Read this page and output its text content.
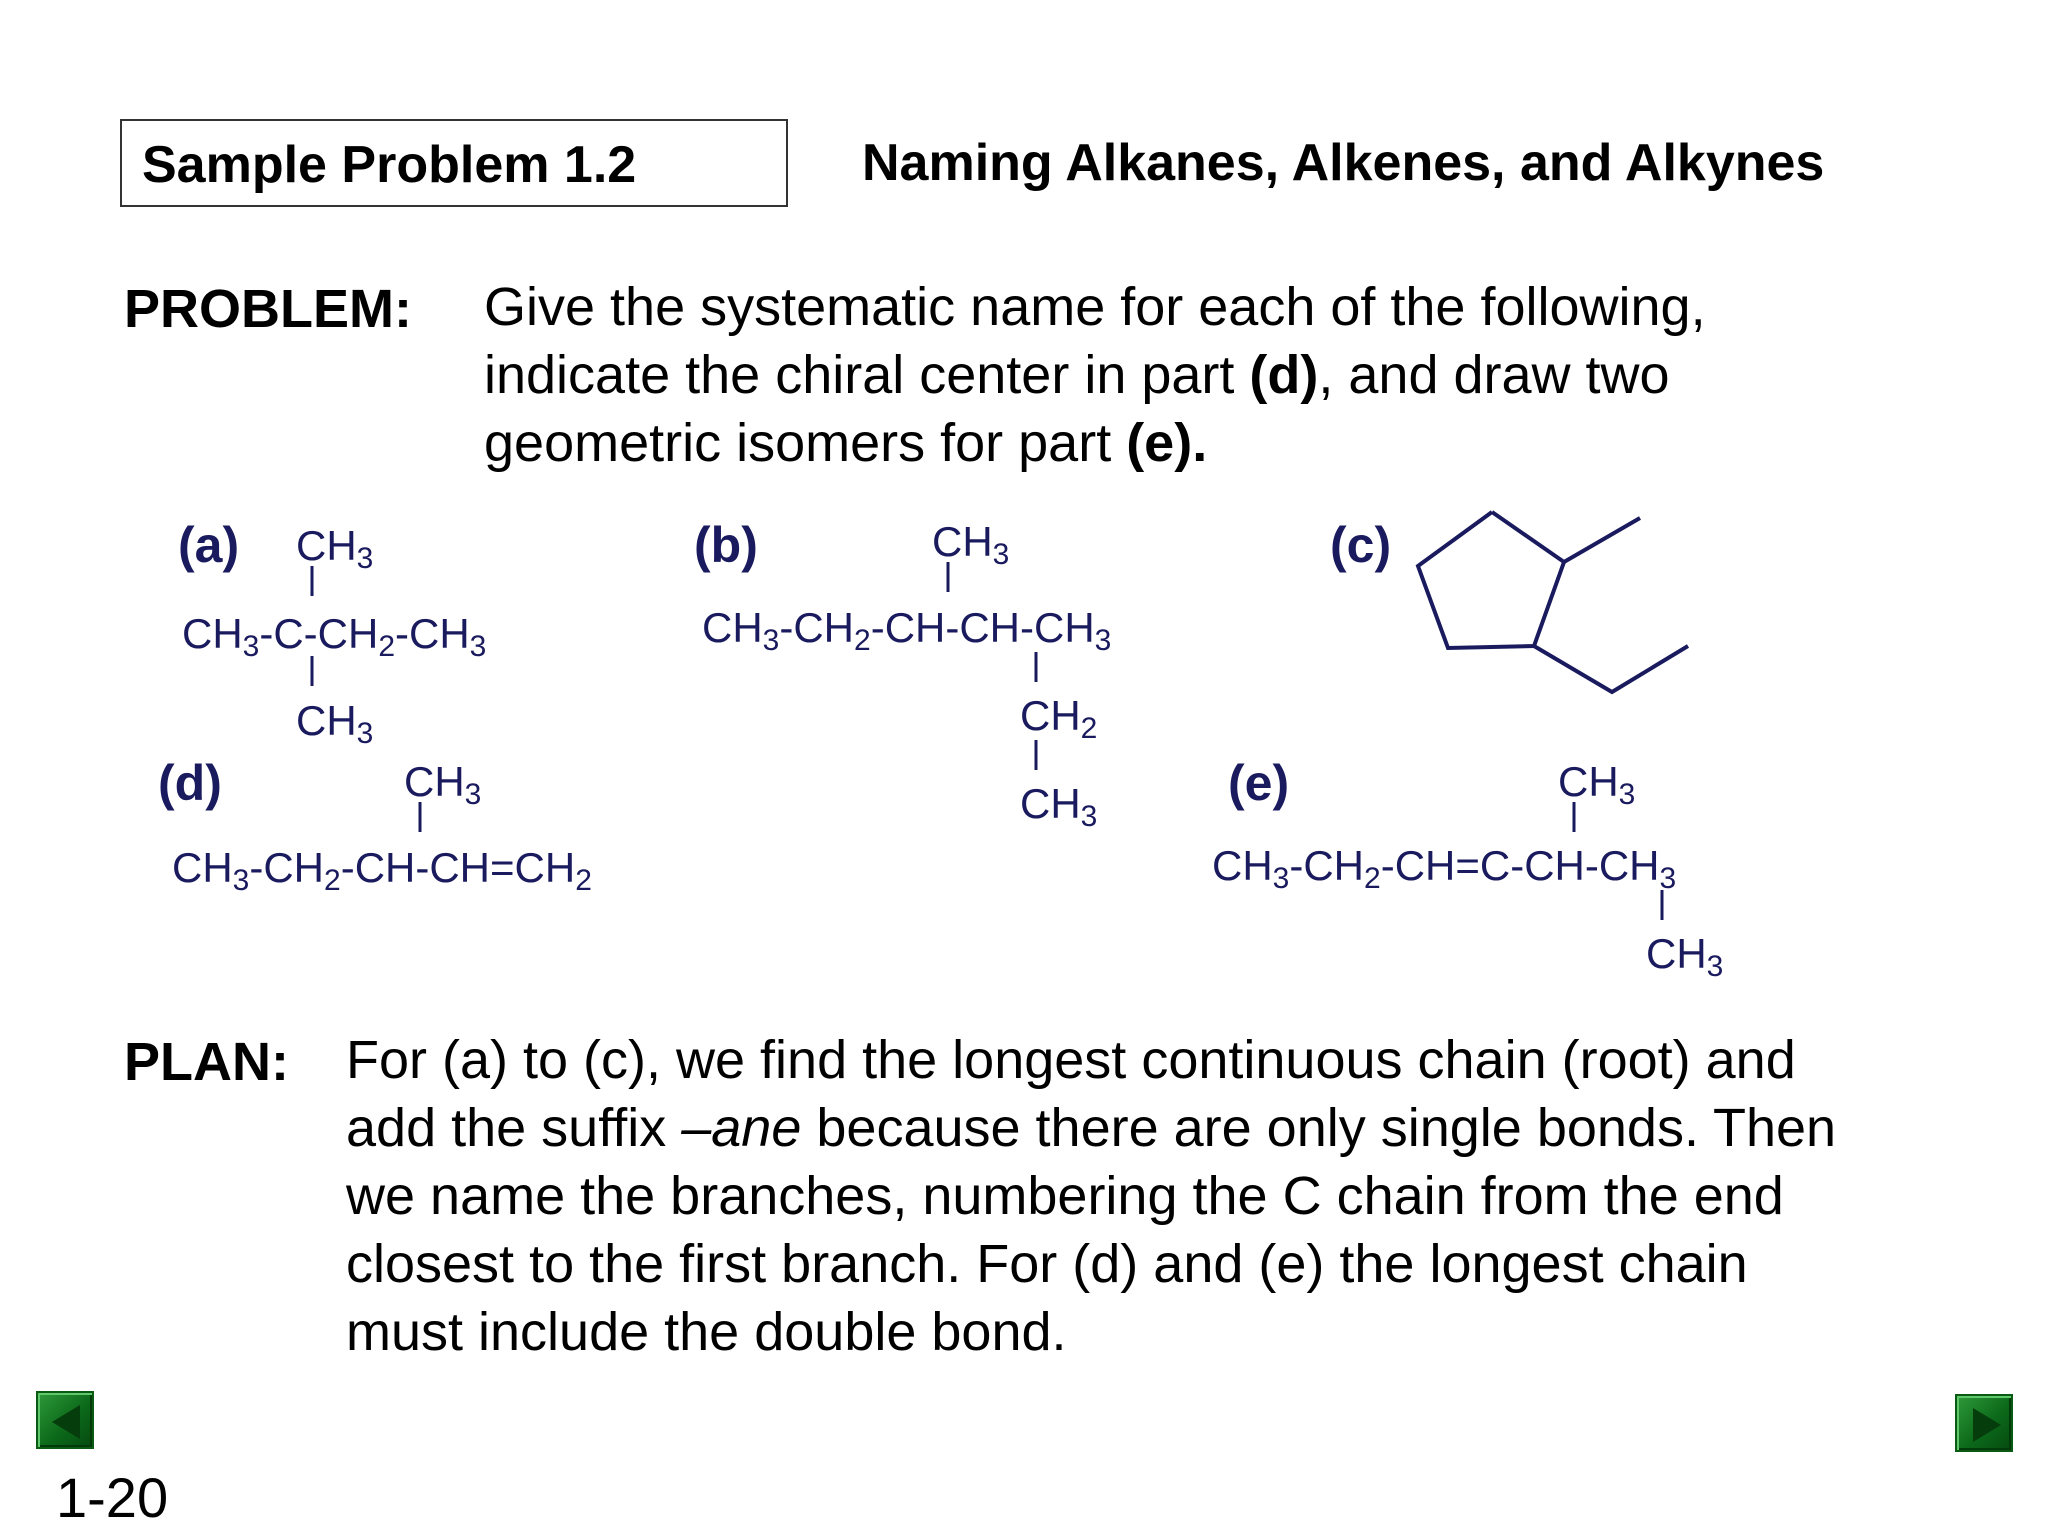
Sample Problem 1.2	Naming Alkanes, Alkenes, and Alkynes
PROBLEM: Give the systematic name for each of the following,
indicate the chiral center in part (d), and draw two
geometric isomers for part (e).
(a) CH3
CH3-C-CH2-CH3
CH3
(b)	CH3
CH3-CH2-CH-CH-CH3
CH2
CH3
(c)
(d)	CH3
CH3-CH2-CH-CH=CH2
(e)	CH3
CH3-CH2-CH=C-CH-CH3
CH3
PLAN: For (a) to (c), we find the longest continuous chain (root) and
add the suffix –ane because there are only single bonds. Then
we name the branches, numbering the C chain from the end
closest to the first branch. For (d) and (e) the longest chain
must include the double bond.
1-20
